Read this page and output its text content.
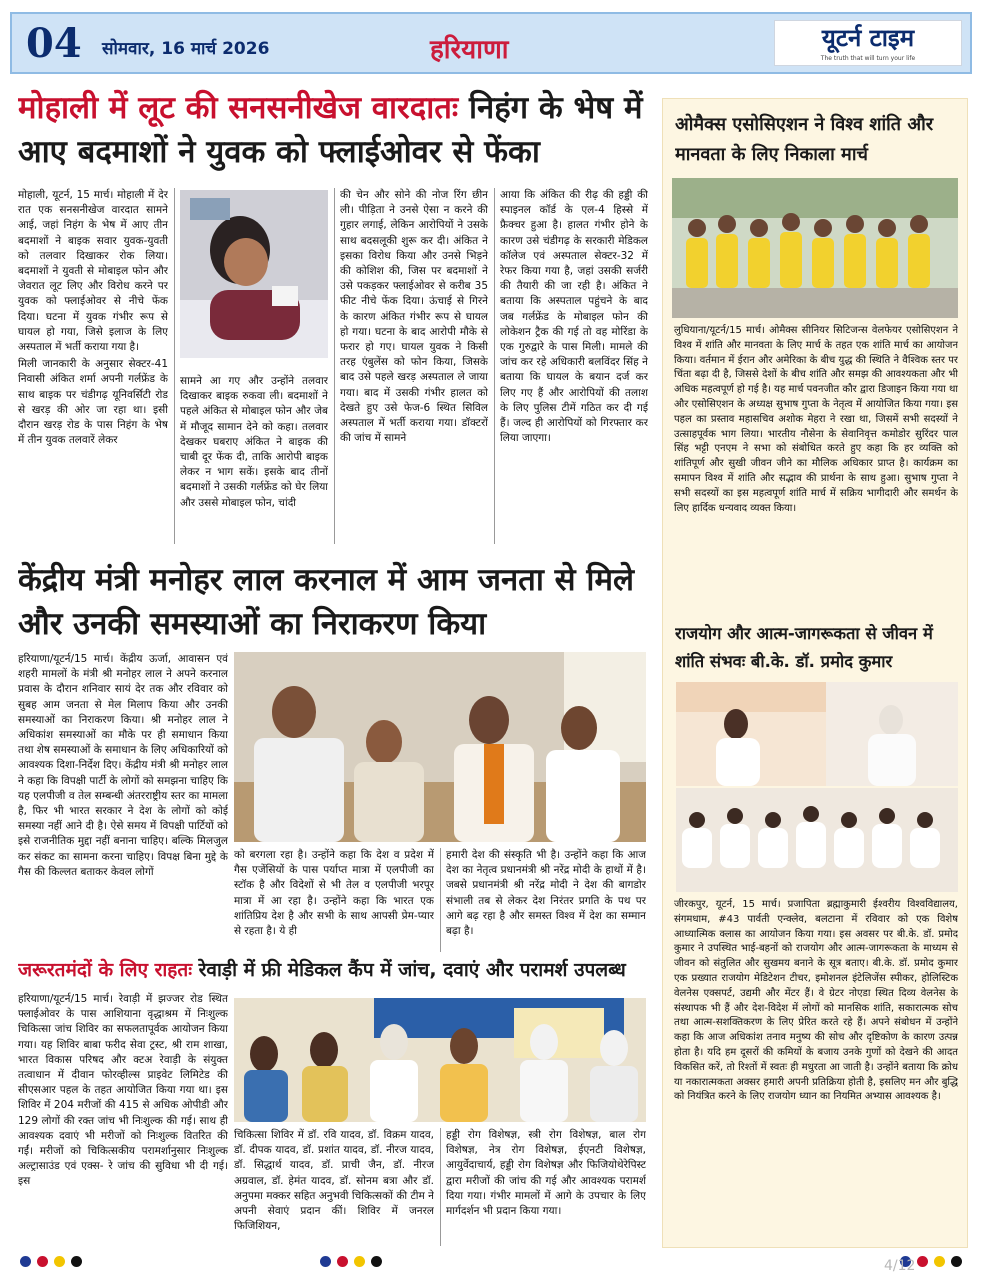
04 सोमवार, 16 मार्च 2026	हरियाणा	यूटर्न टाइम
The truth that will turn your life
मोहाली में लूट की सनसनीखेज वारदातः निहंग के भेष में आए बदमाशों ने युवक को फ्लाईओवर से फेंका

मोहाली, यूटर्न, 15 मार्च। मोहाली में देर रात एक सनसनीखेज वारदात सामने आई, जहां निहंग के भेष में आए तीन बदमाशों ने बाइक सवार युवक-युवती को तलवार दिखाकर रोक लिया। बदमाशों ने युवती से मोबाइल फोन और जेवरात लूट लिए और विरोध करने पर युवक को फ्लाईओवर से नीचे फेंक दिया। घटना में युवक गंभीर रूप से घायल हो गया, जिसे इलाज के लिए अस्पताल में भर्ती कराया गया है।

मिली जानकारी के अनुसार सेक्टर-41 निवासी अंकित शर्मा अपनी गर्लफ्रेंड के साथ बाइक पर चंडीगढ़ यूनिवर्सिटी रोड से खरड़ की ओर जा रहा था। इसी दौरान खरड़ रोड के पास निहंग के भेष में तीन युवक तलवारें लेकर

सामने आ गए और उन्होंने तलवार दिखाकर बाइक रुकवा ली। बदमाशों ने पहले अंकित से मोबाइल फोन और जेब में मौजूद सामान देने को कहा। तलवार देखकर घबराए अंकित ने बाइक की चाबी दूर फेंक दी, ताकि आरोपी बाइक लेकर न भाग सकें। इसके बाद तीनों बदमाशों ने उसकी गर्लफ्रेंड को घेर लिया और उससे मोबाइल फोन, चांदी

की चेन और सोने की नोज रिंग छीन ली। पीड़िता ने उनसे ऐसा न करने की गुहार लगाई, लेकिन आरोपियों ने उसके साथ बदसलूकी शुरू कर दी। अंकित ने इसका विरोध किया और उनसे भिड़ने की कोशिश की, जिस पर बदमाशों ने उसे पकड़कर फ्लाईओवर से करीब 35 फीट नीचे फेंक दिया। ऊंचाई से गिरने के कारण अंकित गंभीर रूप से घायल हो गया। घटना के बाद आरोपी मौके से फरार हो गए। घायल युवक ने किसी तरह एंबुलेंस को फोन किया, जिसके बाद उसे पहले खरड़ अस्पताल ले जाया गया। बाद में उसकी गंभीर हालत को देखते हुए उसे फेज-6 स्थित सिविल अस्पताल में भर्ती कराया गया। डॉक्टरों की जांच में सामने

आया कि अंकित की रीढ़ की हड्डी की स्पाइनल कॉर्ड के एल-4 हिस्से में फ्रैक्चर हुआ है। हालत गंभीर होने के कारण उसे चंडीगढ़ के सरकारी मेडिकल कॉलेज एवं अस्पताल सेक्टर-32 में रेफर किया गया है, जहां उसकी सर्जरी की तैयारी की जा रही है। अंकित ने बताया कि अस्पताल पहुंचने के बाद जब गर्लफ्रेंड के मोबाइल फोन की लोकेशन ट्रैक की गई तो वह मोरिंडा के एक गुरुद्वारे के पास मिली। मामले की जांच कर रहे अधिकारी बलविंदर सिंह ने बताया कि घायल के बयान दर्ज कर लिए गए हैं और आरोपियों की तलाश के लिए पुलिस टीमें गठित कर दी गई हैं। जल्द ही आरोपियों को गिरफ्तार कर लिया जाएगा।

केंद्रीय मंत्री मनोहर लाल करनाल में आम जनता से मिले और उनकी समस्याओं का निराकरण किया

हरियाणा/यूटर्न/15 मार्च। केंद्रीय ऊर्जा, आवासन एवं शहरी मामलों के मंत्री श्री मनोहर लाल ने अपने करनाल प्रवास के दौरान शनिवार सायं देर तक और रविवार को सुबह आम जनता से मेल मिलाप किया और उनकी समस्याओं का निराकरण किया। श्री मनोहर लाल ने अधिकांश समस्याओं का मौके पर ही समाधान किया तथा शेष समस्याओं के समाधान के लिए अधिकारियों को आवश्यक दिशा-निर्देश दिए। केंद्रीय मंत्री श्री मनोहर लाल ने कहा कि विपक्षी पार्टी के लोगों को समझना चाहिए कि यह एलपीजी व तेल सम्बन्धी अंतरराष्ट्रीय स्तर का मामला है, फिर भी भारत सरकार ने देश के लोगों को कोई समस्या नहीं आने दी है। ऐसे समय में विपक्षी पार्टियों को इसे राजनीतिक मुद्दा नहीं बनाना चाहिए। बल्कि मिलजुल कर संकट का सामना करना चाहिए। विपक्ष बिना मुद्दे के गैस की किल्लत बताकर केवल लोगों

को बरगला रहा है। उन्होंने कहा कि देश व प्रदेश में गैस एजेंसियों के पास पर्याप्त मात्रा में एलपीजी का स्टॉक है और विदेशों से भी तेल व एलपीजी भरपूर मात्रा में आ रहा है। उन्होंने कहा कि भारत एक शांतिप्रिय देश है और सभी के साथ आपसी प्रेम-प्यार से रहता है। ये ही

हमारी देश की संस्कृति भी है। उन्होंने कहा कि आज देश का नेतृत्व प्रधानमंत्री श्री नरेंद्र मोदी के हाथों में है। जबसे प्रधानमंत्री श्री नरेंद्र मोदी ने देश की बागडोर संभाली तब से लेकर देश निरंतर प्रगति के पथ पर आगे बढ़ रहा है और समस्त विश्व में देश का सम्मान बढ़ा है।

जरूरतमंदों के लिए राहतः रेवाड़ी में फ्री मेडिकल कैंप में जांच, दवाएं और परामर्श उपलब्ध

हरियाणा/यूटर्न/15 मार्च। रेवाड़ी में झज्जर रोड स्थित फ्लाईओवर के पास आशियाना वृद्धाश्रम में निःशुल्क चिकित्सा जांच शिविर का सफलतापूर्वक आयोजन किया गया। यह शिविर बाबा फरीद सेवा ट्रस्ट, श्री राम शाखा, भारत विकास परिषद और क्टअ रेवाड़ी के संयुक्त तत्वाधान में दीवान फोरव्हील्स प्राइवेट लिमिटेड की सीएसआर पहल के तहत आयोजित किया गया था। इस शिविर में 204 मरीजों की 415 से अधिक ओपीडी और 129 लोगों की रक्त जांच भी निःशुल्क की गई। साथ ही आवश्यक दवाएं भी मरीजों को निःशुल्क वितरित की गईं। मरीजों को चिकित्सकीय परामर्शानुसार निःशुल्क अल्ट्रासाउंड एवं एक्स- रे जांच की सुविधा भी दी गई। इस

चिकित्सा शिविर में डॉ. रवि यादव, डॉ. विक्रम यादव, डॉ. दीपक यादव, डॉ. प्रशांत यादव, डॉ. नीरज यादव, डॉ. सिद्धार्थ यादव, डॉ. प्राची जैन, डॉ. नीरज अग्रवाल, डॉ. हेमंत यादव, डॉ. सोनम बत्रा और डॉ. अनुपमा मक्कर सहित अनुभवी चिकित्सकों की टीम ने अपनी सेवाएं प्रदान कीं। शिविर में जनरल फिजिशियन,

हड्डी रोग विशेषज्ञ, स्त्री रोग विशेषज्ञ, बाल रोग विशेषज्ञ, नेत्र रोग विशेषज्ञ, ईएनटी विशेषज्ञ, आयुर्वेदाचार्य, हड्डी रोग विशेषज्ञ और फिजियोथेरेपिस्ट द्वारा मरीजों की जांच की गई और आवश्यक परामर्श दिया गया। गंभीर मामलों में आगे के उपचार के लिए मार्गदर्शन भी प्रदान किया गया।

ओमैक्स एसोसिएशन ने विश्व शांति और मानवता के लिए निकाला मार्च

लुधियाना/यूटर्न/15 मार्च। ओमैक्स सीनियर सिटिजन्स वेलफेयर एसोसिएशन ने विश्व में शांति और मानवता के लिए मार्च के तहत एक शांति मार्च का आयोजन किया। वर्तमान में ईरान और अमेरिका के बीच युद्ध की स्थिति ने वैश्विक स्तर पर चिंता बढ़ा दी है, जिससे देशों के बीच शांति और समझ की आवश्यकता और भी अधिक महत्वपूर्ण हो गई है। यह मार्च पवनजीत कौर द्वारा डिजाइन किया गया था और एसोसिएशन के अध्यक्ष सुभाष गुप्ता के नेतृत्व में आयोजित किया गया। इस पहल का प्रस्ताव महासचिव अशोक मेहरा ने रखा था, जिसमें सभी सदस्यों ने उत्साहपूर्वक भाग लिया। भारतीय नौसेना के सेवानिवृत्त कमोडोर सुरिंदर पाल सिंह भट्टी एनएम ने सभा को संबोधित करते हुए कहा कि हर व्यक्ति को शांतिपूर्ण और सुखी जीवन जीने का मौलिक अधिकार प्राप्त है। कार्यक्रम का समापन विश्व में शांति और सद्भाव की प्रार्थना के साथ हुआ। सुभाष गुप्ता ने सभी सदस्यों का इस महत्वपूर्ण शांति मार्च में सक्रिय भागीदारी और समर्थन के लिए हार्दिक धन्यवाद व्यक्त किया।

राजयोग और आत्म-जागरूकता से जीवन में शांति संभवः बी.के. डॉ. प्रमोद कुमार

जीरकपुर, यूटर्न, 15 मार्च। प्रजापिता ब्रह्माकुमारी ईश्वरीय विश्वविद्यालय, संगमधाम, #43 पार्वती एन्क्लेव, बलटाना में रविवार को एक विशेष आध्यात्मिक क्लास का आयोजन किया गया। इस अवसर पर बी.के. डॉ. प्रमोद कुमार ने उपस्थित भाई-बहनों को राजयोग और आत्म-जागरूकता के माध्यम से जीवन को संतुलित और सुखमय बनाने के सूत्र बताए। बी.के. डॉ. प्रमोद कुमार एक प्रख्यात राजयोग मेडिटेशन टीचर, इमोशनल इंटेलिजेंस स्पीकर, होलिस्टिक वेलनेस एक्सपर्ट, उद्यमी और मेंटर हैं। वे ग्रेटर नोएडा स्थित दिव्य वेलनेस के संस्थापक भी हैं और देश-विदेश में लोगों को मानसिक शांति, सकारात्मक सोच तथा आत्म-सशक्तिकरण के लिए प्रेरित करते रहे हैं। अपने संबोधन में उन्होंने कहा कि आज अधिकांश तनाव मनुष्य की सोच और दृष्टिकोण के कारण उत्पन्न होता है। यदि हम दूसरों की कमियों के बजाय उनके गुणों को देखने की आदत विकसित करें, तो रिश्तों में स्वतः ही मधुरता आ जाती है। उन्होंने बताया कि क्रोध या नकारात्मकता अक्सर हमारी अपनी प्रतिक्रिया होती है, इसलिए मन और बुद्धि को नियंत्रित करने के लिए राजयोग ध्यान का नियमित अभ्यास आवश्यक है।

4/12
